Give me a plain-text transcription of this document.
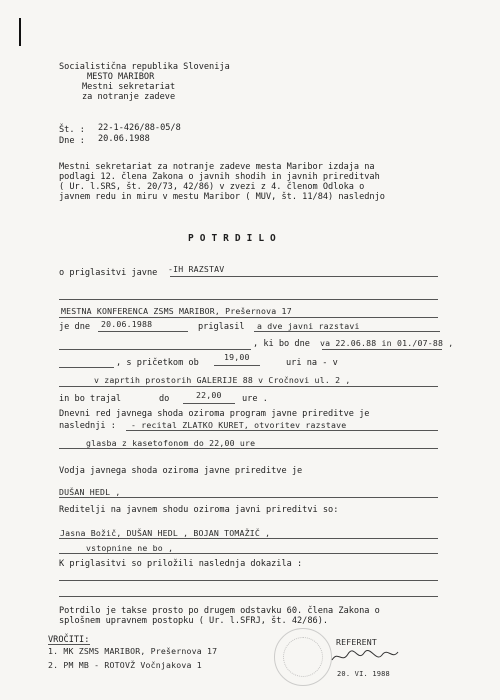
Socialistična republika Slovenija
MESTO MARIBOR
Mestni sekretariat
za notranje zadeve
Št. : 22-1-426/88-05/8
Dne : 20.06.1988
Mestni sekretariat za notranje zadeve mesta Maribor izdaja na
podlagi 12. člena Zakona o javnih shodih in javnih prireditvah
( Ur. l.SRS, št. 20/73, 42/86) v zvezi z 4. členom Odloka o
javnem redu in miru v mestu Maribor ( MUV, št. 11/84) naslednjo
POTRDILO
o priglasitvi javne -IH RAZSTAV
MESTNA KONFERENCA ZSMS MARIBOR, Prešernova 17
je dne 20.06.1988	priglasil a dve javni razstavi
, ki bo dne va 22.06.88 in 01./07-88 ,
, s pričetkom ob
19,00
uri na - v
v zaprtih prostorih GALERIJE 88 v Cročnovi ul. 2 ,
in bo trajal	do	22,00 ure .
Dnevni red javnega shoda oziroma program javne prireditve je
naslednji : - recital ZLATKO KURET, otvoritev razstave
glasba z kasetofonom do 22,00 ure
Vodja javnega shoda oziroma javne prireditve je
DUŠAN HEDL ,
Reditelji na javnem shodu oziroma javni prireditvi so:
Jasna Božič, DUŠAN HEDL , BOJAN TOMAŽIČ ,
vstopnine ne bo ,
K priglasitvi so priložili naslednja dokazila :
Potrdilo je takse prosto po drugem odstavku 60. člena Zakona o
splošnem upravnem postopku ( Ur. l.SFRJ, št. 42/86).
VROČITI:
1. MK ZSMS MARIBOR, Prešernova 17
2. PM MB - ROTOVŽ Vočnjakova 1
REFERENT
20. VI. 1988
